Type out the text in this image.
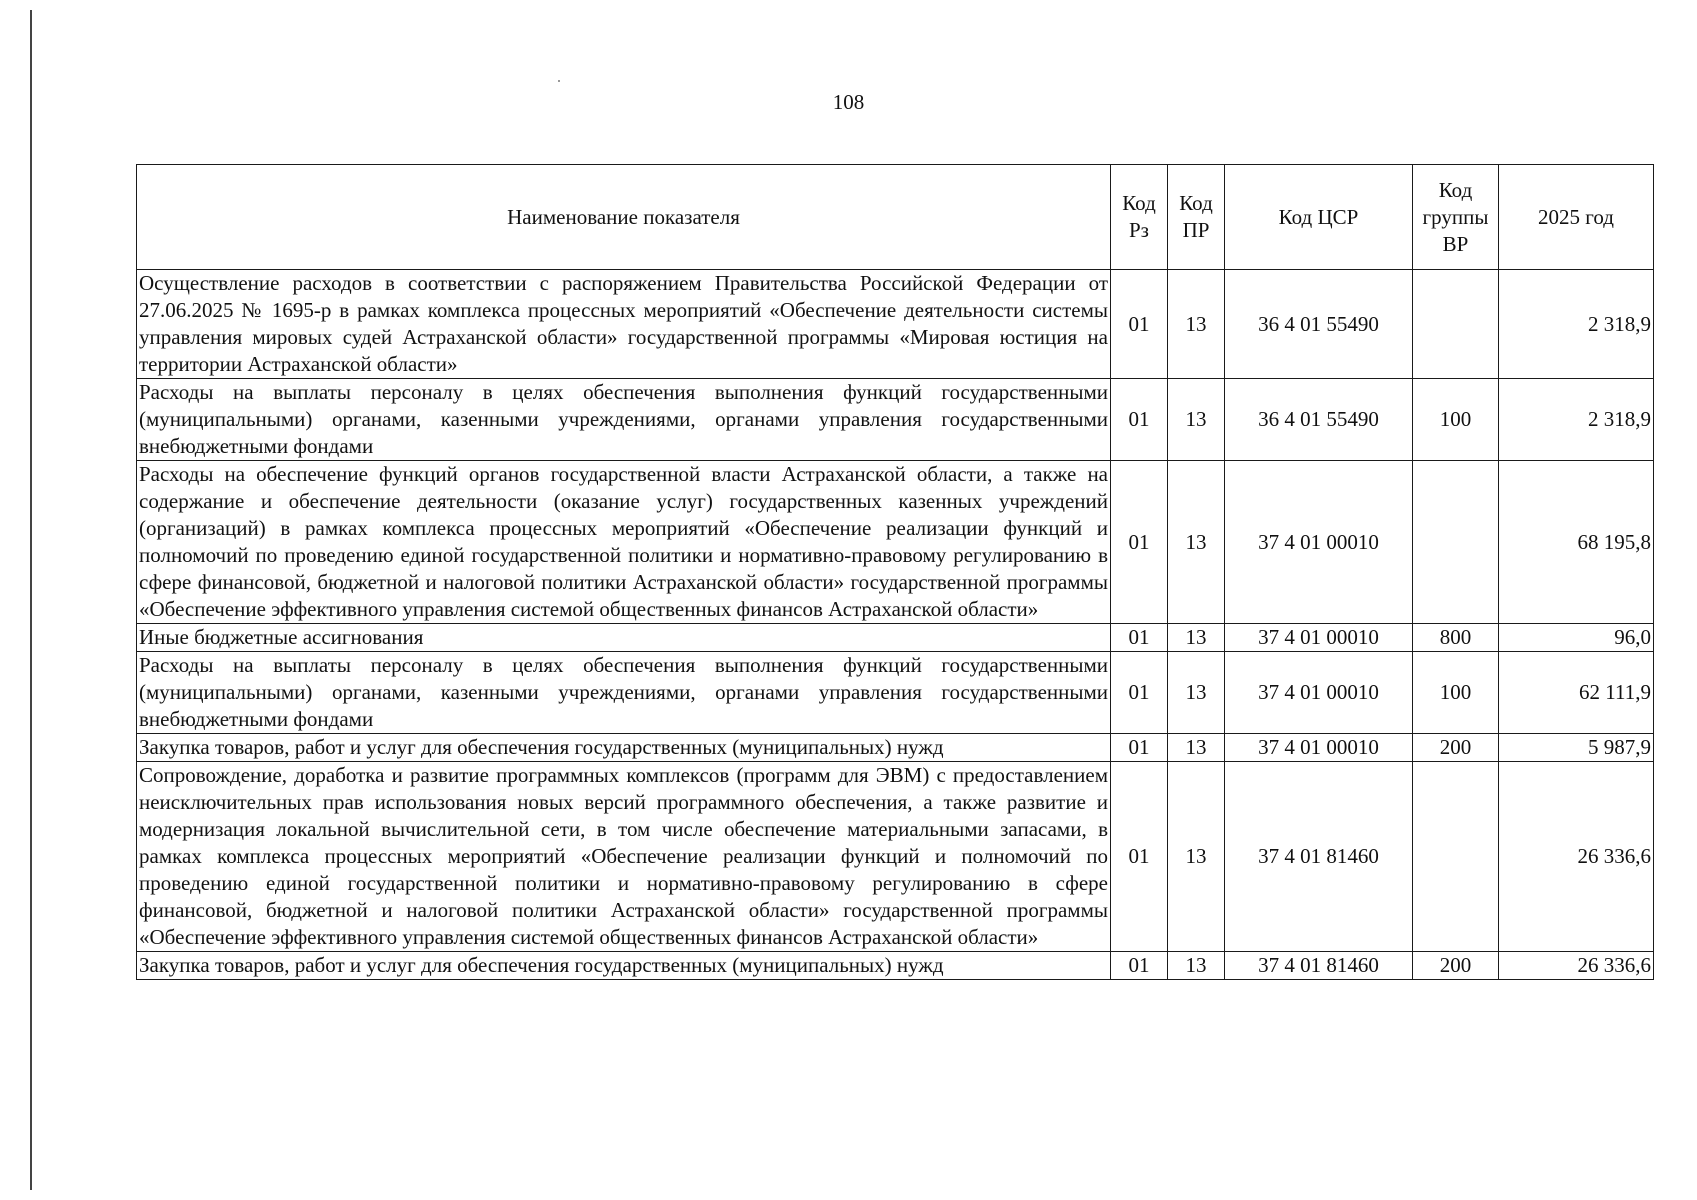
108
Наименование показателя	Код Рз	Код ПР	Код ЦСР	Код группы ВР	2025 год
Осуществление расходов в соответствии с распоряжением Правительства Российской Федерации от 27.06.2025 № 1695-р в рамках комплекса процессных мероприятий «Обеспечение деятельности системы управления мировых судей Астраханской области» государственной программы «Мировая юстиция на территории Астраханской области»	01	13	36 4 01 55490		2 318,9
Расходы на выплаты персоналу в целях обеспечения выполнения функций государственными (муниципальными) органами, казенными учреждениями, органами управления государственными внебюджетными фондами	01	13	36 4 01 55490	100	2 318,9
Расходы на обеспечение функций органов государственной власти Астраханской области, а также на содержание и обеспечение деятельности (оказание услуг) государственных казенных учреждений (организаций) в рамках комплекса процессных мероприятий «Обеспечение реализации функций и полномочий по проведению единой государственной политики и нормативно-правовому регулированию в сфере финансовой, бюджетной и налоговой политики Астраханской области» государственной программы «Обеспечение эффективного управления системой общественных финансов Астраханской области»	01	13	37 4 01 00010		68 195,8
Иные бюджетные ассигнования	01	13	37 4 01 00010	800	96,0
Расходы на выплаты персоналу в целях обеспечения выполнения функций государственными (муниципальными) органами, казенными учреждениями, органами управления государственными внебюджетными фондами	01	13	37 4 01 00010	100	62 111,9
Закупка товаров, работ и услуг для обеспечения государственных (муниципальных) нужд	01	13	37 4 01 00010	200	5 987,9
Сопровождение, доработка и развитие программных комплексов (программ для ЭВМ) с предоставлением неисключительных прав использования новых версий программного обеспечения, а также развитие и модернизация локальной вычислительной сети, в том числе обеспечение материальными запасами, в рамках комплекса процессных мероприятий «Обеспечение реализации функций и полномочий по проведению единой государственной политики и нормативно-правовому регулированию в сфере финансовой, бюджетной и налоговой политики Астраханской области» государственной программы «Обеспечение эффективного управления системой общественных финансов Астраханской области»	01	13	37 4 01 81460		26 336,6
Закупка товаров, работ и услуг для обеспечения государственных (муниципальных) нужд	01	13	37 4 01 81460	200	26 336,6
